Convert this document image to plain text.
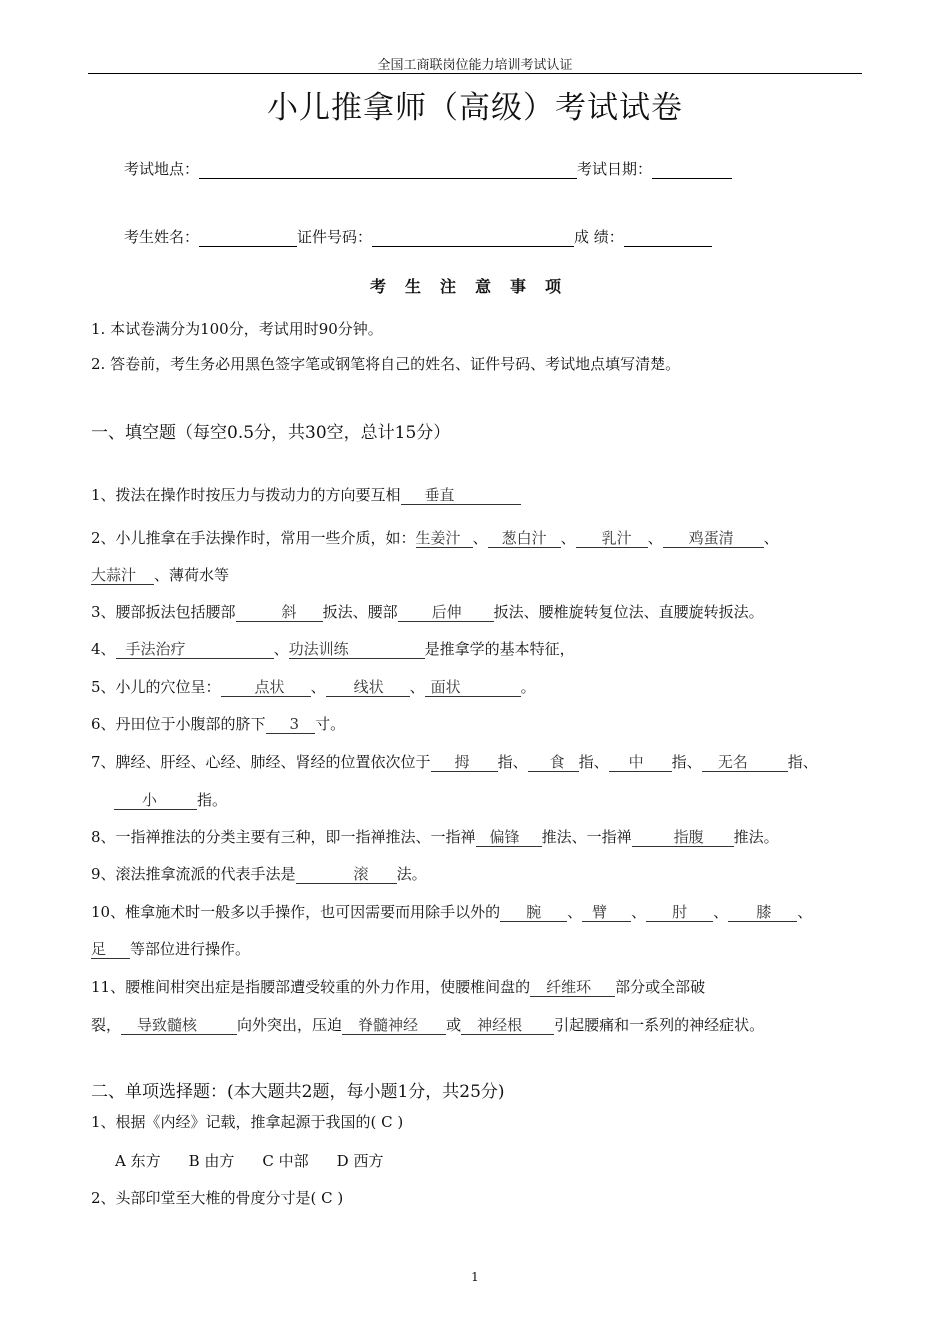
全国工商联岗位能力培训考试认证
小儿推拿师（高级）考试试卷
考试地点：	考试日期：
考生姓名：	证件号码：	成 绩：
考生注意事项
1. 本试卷满分为100分，考试用时90分钟。
2. 答卷前，考生务必用黑色签字笔或钢笔将自己的姓名、证件号码、考试地点填写清楚。
一、填空题（每空0.5分，共30空，总计15分）
1、拨法在操作时按压力与拨动力的方向要互相 垂直
2、小儿推拿在手法操作时，常用一些介质，如：生姜汁 、 葱白汁 、 乳汁 、 鸡蛋清 、
大蒜汁 、薄荷水等
3、腰部扳法包括腰部	斜 扳法、腰部 后伸 扳法、腰椎旋转复位法、直腰旋转扳法。
4、 手法治疗	、功法训练	是推拿学的基本特征，
5、小儿的穴位呈： 点状 、 线状 、 面状	。
6、丹田位于小腹部的脐下 3 寸。
7、脾经、肝经、心经、肺经、肾经的位置依次位于 拇 指、 食 指、 中 指、 无名	指、
小	指。
8、一指禅推法的分类主要有三种，即一指禅推法、一指禅 偏锋 推法、一指禅	指腹 推法。
9、滚法推拿流派的代表手法是	滚 法。
10、椎拿施术时一般多以手操作，也可因需要而用除手以外的 腕 、 臂 、 肘 、 膝 、
足 等部位进行操作。
11、腰椎间柑突出症是指腰部遭受较重的外力作用，使腰椎间盘的 纤维环 部分或全部破
裂， 导致髓核	向外突出，压迫 脊髓神经 或 神经根 引起腰痛和一系列的神经症状。
二、单项选择题：(本大题共2题，每小题1分，共25分)
1、根据《内经》记载，推拿起源于我国的( C )
A 东方 B 由方 C 中部 D 西方
2、头部印堂至大椎的骨度分寸是( C )
1
